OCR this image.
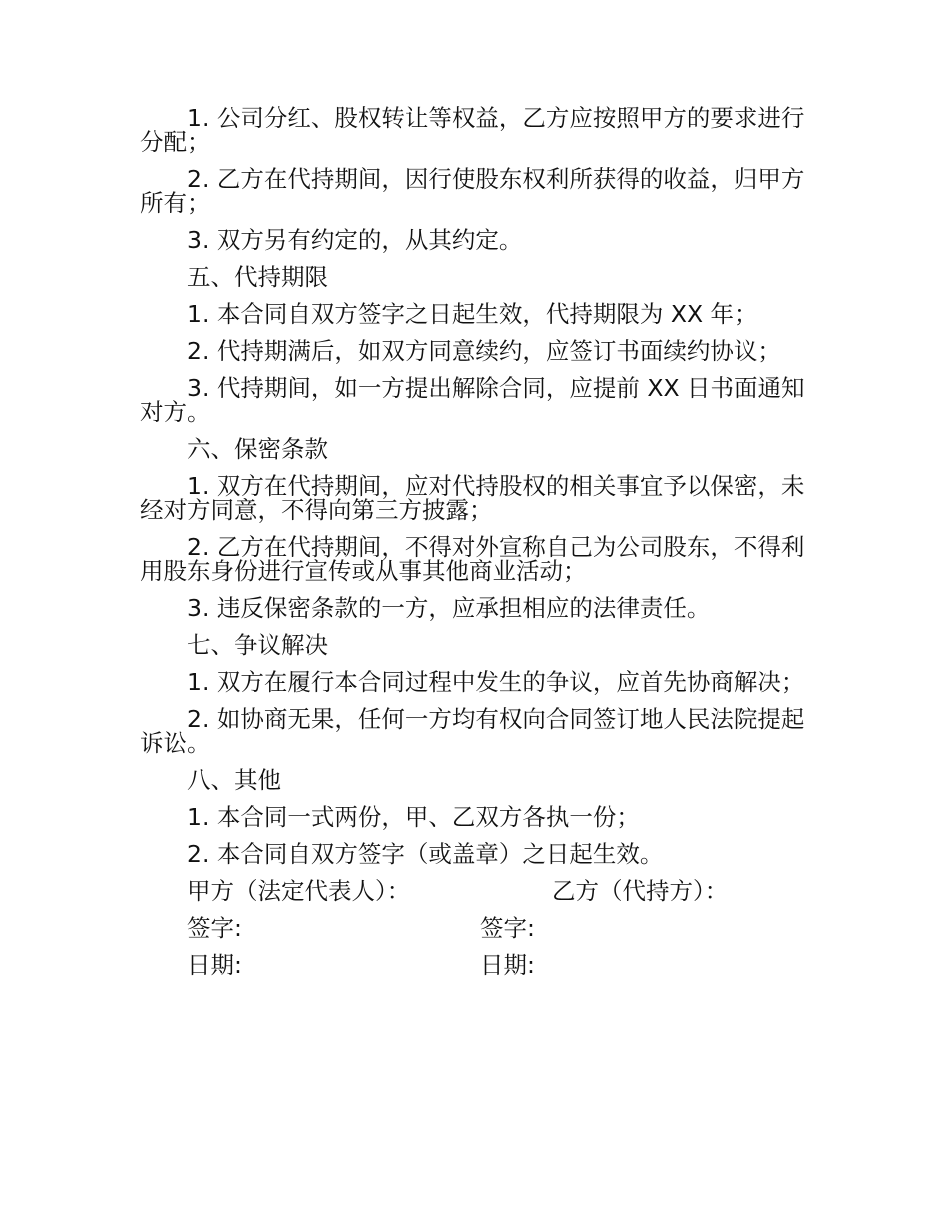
1. 公司分红、股权转让等权益，乙方应按照甲方的要求进行分配；

2. 乙方在代持期间，因行使股东权利所获得的收益，归甲方所有；

3. 双方另有约定的，从其约定。

五、代持期限

1. 本合同自双方签字之日起生效，代持期限为 XX 年；

2. 代持期满后，如双方同意续约，应签订书面续约协议；

3. 代持期间，如一方提出解除合同，应提前 XX 日书面通知对方。

六、保密条款

1. 双方在代持期间，应对代持股权的相关事宜予以保密，未经对方同意，不得向第三方披露；

2. 乙方在代持期间，不得对外宣称自己为公司股东，不得利用股东身份进行宣传或从事其他商业活动；

3. 违反保密条款的一方，应承担相应的法律责任。

七、争议解决

1. 双方在履行本合同过程中发生的争议，应首先协商解决；

2. 如协商无果，任何一方均有权向合同签订地人民法院提起诉讼。

八、其他

1. 本合同一式两份，甲、乙双方各执一份；

2. 本合同自双方签字（或盖章）之日起生效。

甲方（法定代表人）：	乙方（代持方）：
签字:	签字:
日期:	日期:
